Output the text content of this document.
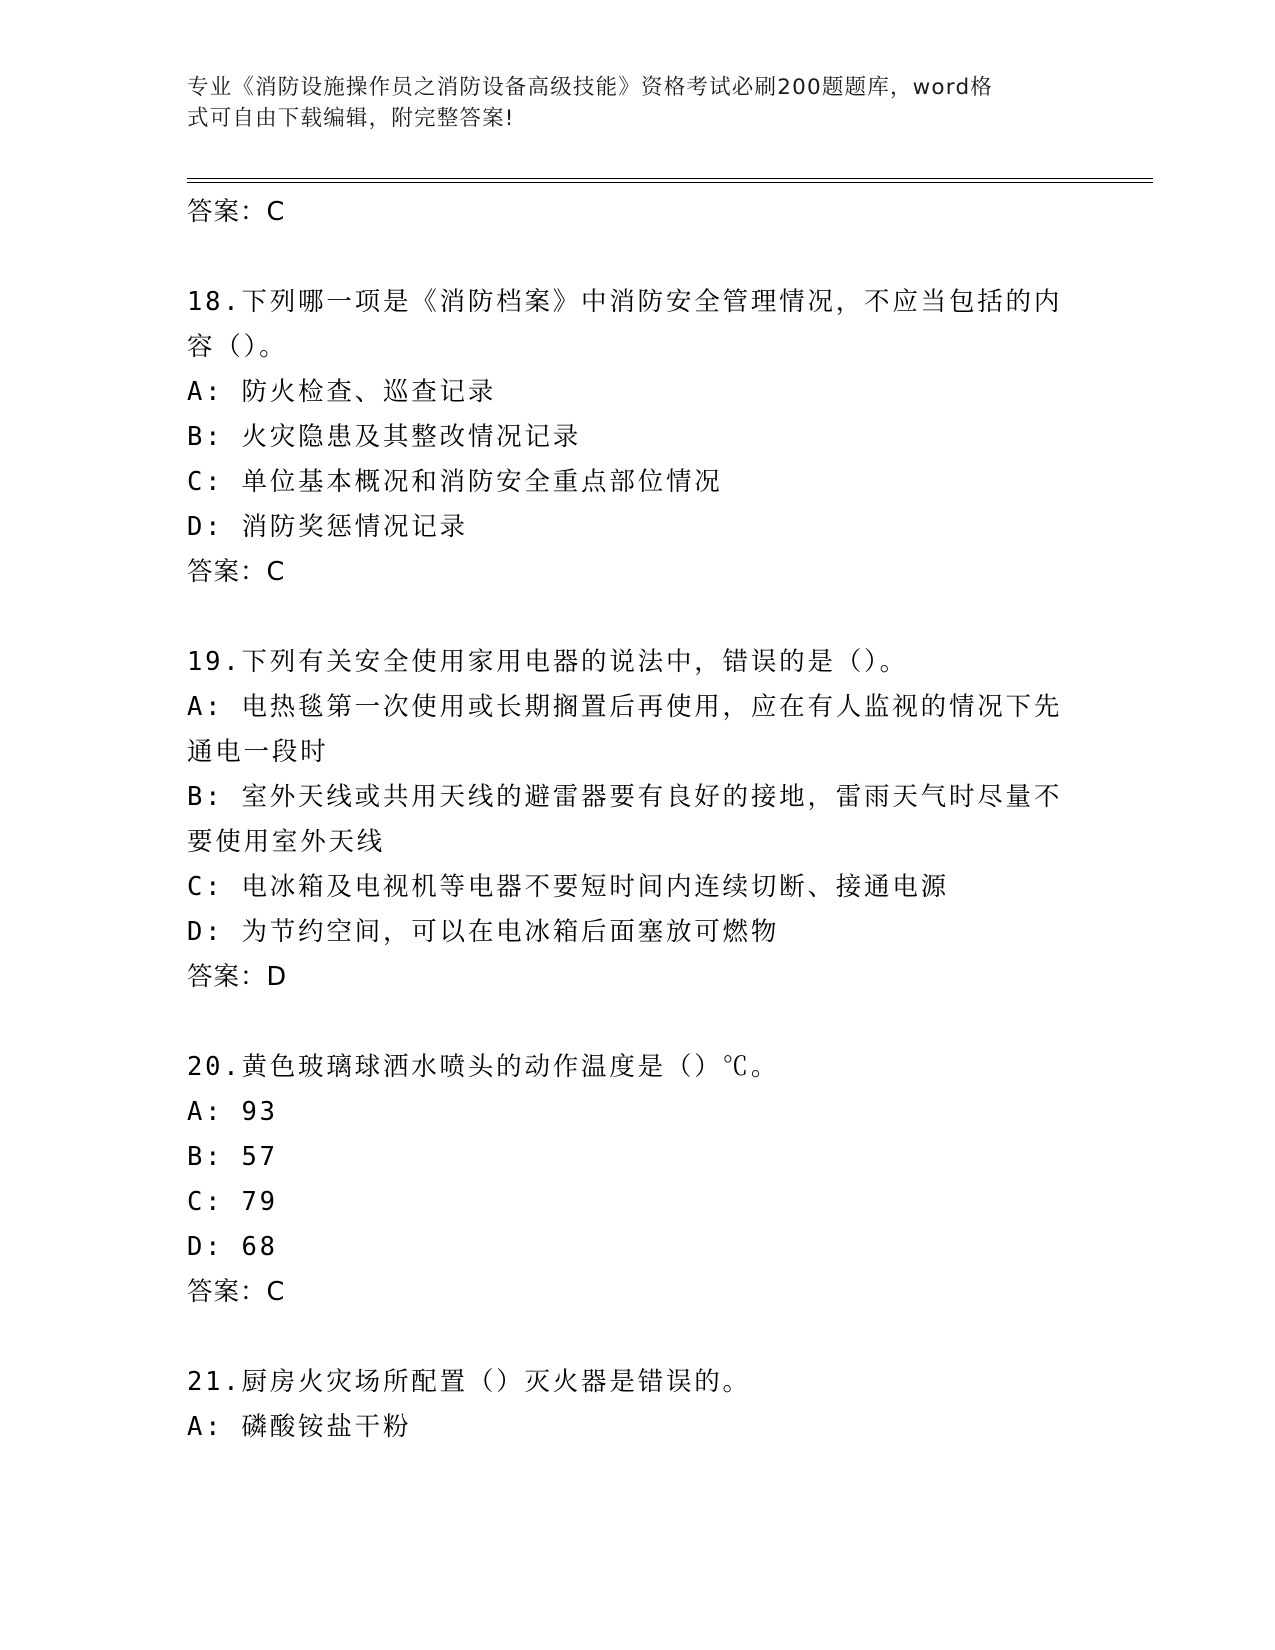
专业《消防设施操作员之消防设备高级技能》资格考试必刷200题题库，word格
式可自由下载编辑，附完整答案!
答案：C
18.下列哪一项是《消防档案》中消防安全管理情况，不应当包括的内
容（）。
A: 防火检查、巡查记录
B: 火灾隐患及其整改情况记录
C: 单位基本概况和消防安全重点部位情况
D: 消防奖惩情况记录
答案：C
19.下列有关安全使用家用电器的说法中，错误的是（）。
A: 电热毯第一次使用或长期搁置后再使用，应在有人监视的情况下先
通电一段时
B: 室外天线或共用天线的避雷器要有良好的接地，雷雨天气时尽量不
要使用室外天线
C: 电冰箱及电视机等电器不要短时间内连续切断、接通电源
D: 为节约空间，可以在电冰箱后面塞放可燃物
答案：D
20.黄色玻璃球洒水喷头的动作温度是（）℃。
A: 93
B: 57
C: 79
D: 68
答案：C
21.厨房火灾场所配置（）灭火器是错误的。
A: 磷酸铵盐干粉
